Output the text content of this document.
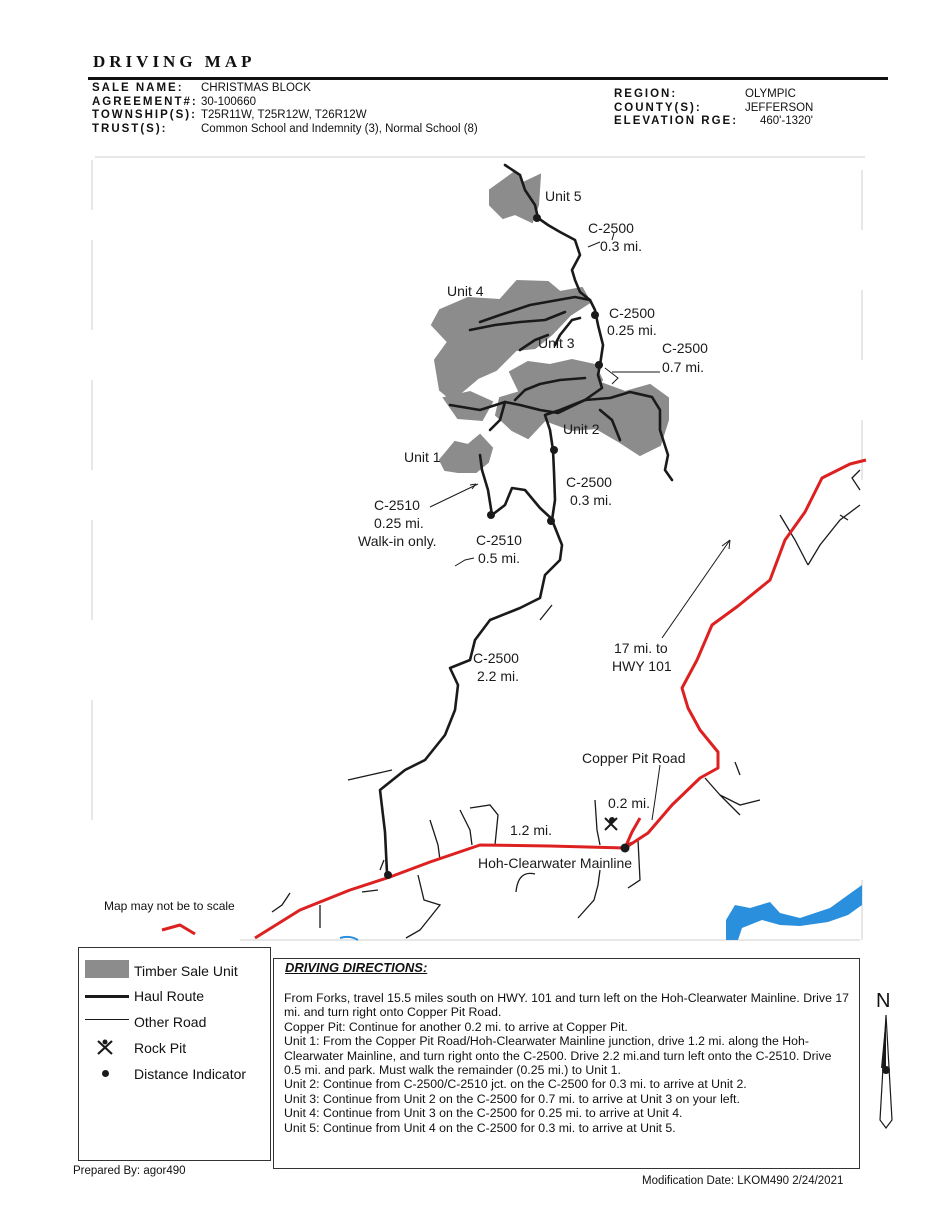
DRIVING MAP
SALE NAME:
AGREEMENT#:
TOWNSHIP(S):
TRUST(S):
CHRISTMAS BLOCK
30-100660
T25R11W, T25R12W, T26R12W
Common School and Indemnity (3), Normal School (8)
REGION:
COUNTY(S):
ELEVATION RGE:
OLYMPIC
JEFFERSON
460'-1320'
Unit 5
Unit 4
Unit 3
Unit 2
Unit 1
C-2500
0.3 mi.
C-2500
0.25 mi.
C-2500
0.7 mi.
C-2500
0.3 mi.
C-2510
0.25 mi.
Walk-in only.	C-2510
0.5 mi.
C-2500
2.2 mi.
17 mi. to
HWY 101
Copper Pit Road
0.2 mi.
1.2 mi.
Hoh-Clearwater Mainline
Map may not be to scale
Timber Sale Unit
Haul Route
Other Road
Rock Pit
Distance Indicator
DRIVING DIRECTIONS:
From Forks, travel 15.5 miles south on HWY. 101 and turn left on the Hoh-Clearwater Mainline. Drive 17 mi. and turn right onto Copper Pit Road.
Copper Pit: Continue for another 0.2 mi. to arrive at Copper Pit.
Unit 1: From the Copper Pit Road/Hoh-Clearwater Mainline junction, drive 1.2 mi. along the Hoh-Clearwater Mainline, and turn right onto the C-2500. Drive 2.2 mi.and turn left onto the C-2510. Drive 0.5 mi. and park. Must walk the remainder (0.25 mi.) to Unit 1.
Unit 2: Continue from C-2500/C-2510 jct. on the C-2500 for 0.3 mi. to arrive at Unit 2.
Unit 3: Continue from Unit 2 on the C-2500 for 0.7 mi. to arrive at Unit 3 on your left.
Unit 4: Continue from Unit 3 on the C-2500 for 0.25 mi. to arrive at Unit 4.
Unit 5: Continue from Unit 4 on the C-2500 for 0.3 mi. to arrive at Unit 5.
N
Prepared By: agor490
Modification Date: LKOM490 2/24/2021
